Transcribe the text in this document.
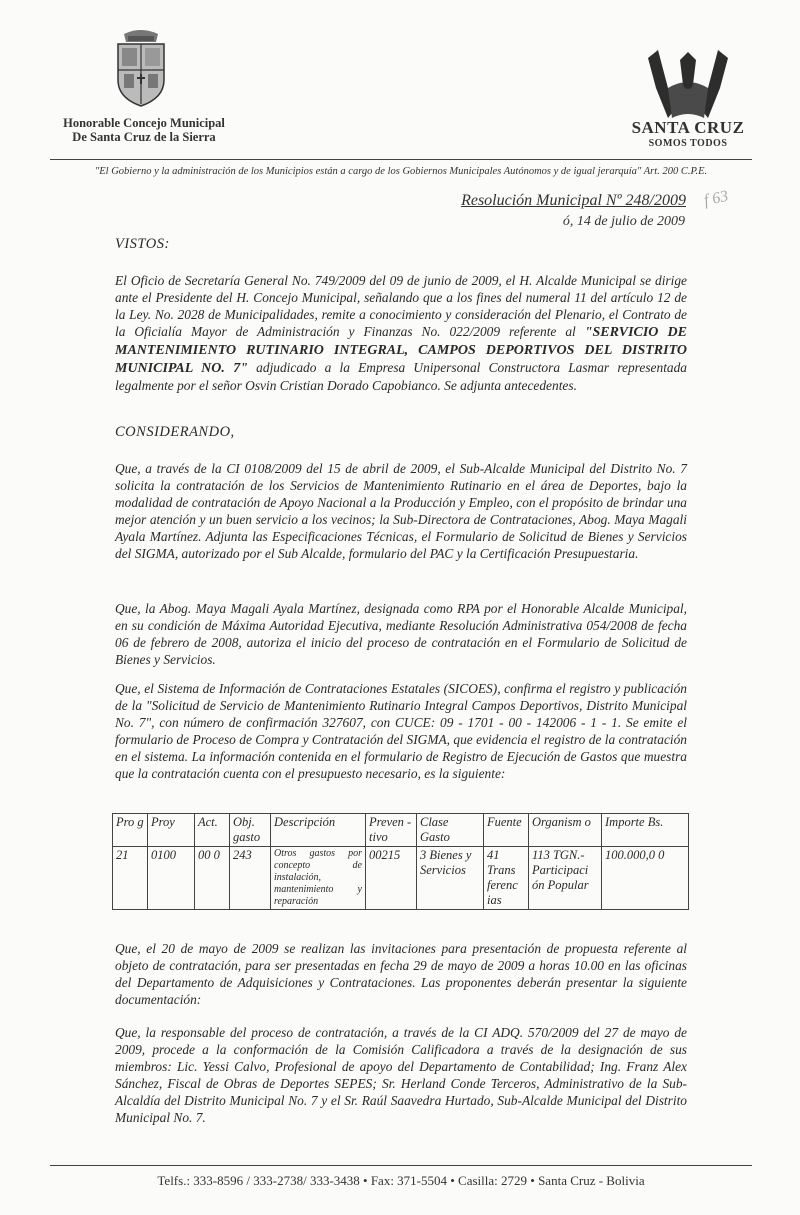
Honorable Concejo Municipal
De Santa Cruz de la Sierra	SANTA CRUZ
SOMOS TODOS
"El Gobierno y la administración de los Municipios están a cargo de los Gobiernos Municipales Autónomos y de igual jerarquía" Art. 200 C.P.E.
Resolución Municipal Nº 248/2009
ó, 14 de julio de 2009
f 63
VISTOS:
El Oficio de Secretaría General No. 749/2009 del 09 de junio de 2009, el H. Alcalde Municipal se dirige ante el Presidente del H. Concejo Municipal, señalando que a los fines del numeral 11 del artículo 12 de la Ley. No. 2028 de Municipalidades, remite a conocimiento y consideración del Plenario, el Contrato de la Oficialía Mayor de Administración y Finanzas No. 022/2009 referente al "SERVICIO DE MANTENIMIENTO RUTINARIO INTEGRAL, CAMPOS DEPORTIVOS DEL DISTRITO MUNICIPAL NO. 7" adjudicado a la Empresa Unipersonal Constructora Lasmar representada legalmente por el señor Osvin Cristian Dorado Capobianco. Se adjunta antecedentes.
CONSIDERANDO,
Que, a través de la CI 0108/2009 del 15 de abril de 2009, el Sub-Alcalde Municipal del Distrito No. 7 solicita la contratación de los Servicios de Mantenimiento Rutinario en el área de Deportes, bajo la modalidad de contratación de Apoyo Nacional a la Producción y Empleo, con el propósito de brindar una mejor atención y un buen servicio a los vecinos; la Sub-Directora de Contrataciones, Abog. Maya Magali Ayala Martínez. Adjunta las Especificaciones Técnicas, el Formulario de Solicitud de Bienes y Servicios del SIGMA, autorizado por el Sub Alcalde, formulario del PAC y la Certificación Presupuestaria.
Que, la Abog. Maya Magali Ayala Martínez, designada como RPA por el Honorable Alcalde Municipal, en su condición de Máxima Autoridad Ejecutiva, mediante Resolución Administrativa 054/2008 de fecha 06 de febrero de 2008, autoriza el inicio del proceso de contratación en el Formulario de Solicitud de Bienes y Servicios.
Que, el Sistema de Información de Contrataciones Estatales (SICOES), confirma el registro y publicación de la "Solicitud de Servicio de Mantenimiento Rutinario Integral Campos Deportivos, Distrito Municipal No. 7", con número de confirmación 327607, con CUCE: 09 - 1701 - 00 - 142006 - 1 - 1. Se emite el formulario de Proceso de Compra y Contratación del SIGMA, que evidencia el registro de la contratación en el sistema. La información contenida en el formulario de Registro de Ejecución de Gastos que muestra que la contratación cuenta con el presupuesto necesario, es la siguiente:
Pro g	Proy	Act.	Obj. gasto	Descripción	Preven -tivo	Clase Gasto	Fuente	Organism o	Importe Bs.
21	0100	00 0	243	Otros gastos por concepto de instalación, mantenimiento y reparación	00215	3 Bienes y Servicios	41 Trans ferenc ias	113 TGN.- Participaci ón Popular	100.000,0 0
Que, el 20 de mayo de 2009 se realizan las invitaciones para presentación de propuesta referente al objeto de contratación, para ser presentadas en fecha 29 de mayo de 2009 a horas 10.00 en las oficinas del Departamento de Adquisiciones y Contrataciones. Las proponentes deberán presentar la siguiente documentación:
Que, la responsable del proceso de contratación, a través de la CI ADQ. 570/2009 del 27 de mayo de 2009, procede a la conformación de la Comisión Calificadora a través de la designación de sus miembros: Lic. Yessi Calvo, Profesional de apoyo del Departamento de Contabilidad; Ing. Franz Alex Sánchez, Fiscal de Obras de Deportes SEPES; Sr. Herland Conde Terceros, Administrativo de la Sub-Alcaldía del Distrito Municipal No. 7 y el Sr. Raúl Saavedra Hurtado, Sub-Alcalde Municipal del Distrito Municipal No. 7.
Telfs.: 333-8596 / 333-2738/ 333-3438 • Fax: 371-5504 • Casilla: 2729 • Santa Cruz - Bolivia
